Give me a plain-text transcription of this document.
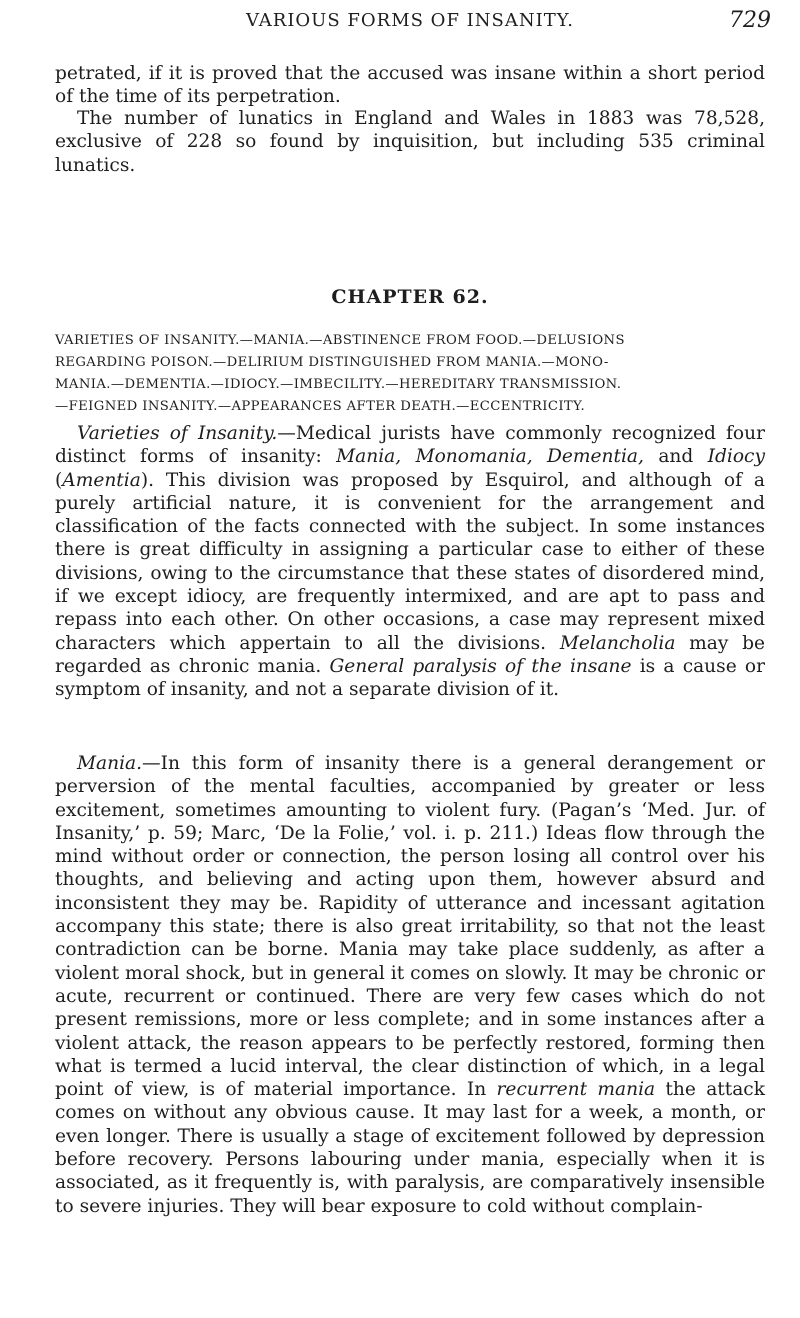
VARIOUS FORMS OF INSANITY.	729

petrated, if it is proved that the accused was insane within a short period of the time of its perpetration.

The number of lunatics in England and Wales in 1883 was 78,528, exclusive of 228 so found by inquisition, but including 535 criminal lunatics.

CHAPTER 62.

VARIETIES OF INSANITY.—MANIA.—ABSTINENCE FROM FOOD.—DELUSIONS
REGARDING POISON.—DELIRIUM DISTINGUISHED FROM MANIA.—MONO-
MANIA.—DEMENTIA.—IDIOCY.—IMBECILITY.—HEREDITARY TRANSMISSION.
—FEIGNED INSANITY.—APPEARANCES AFTER DEATH.—ECCENTRICITY.

Varieties of Insanity.—Medical jurists have commonly recognized four distinct forms of insanity: Mania, Monomania, Dementia, and Idiocy (Amentia). This division was proposed by Esquirol, and although of a purely artificial nature, it is convenient for the arrangement and classification of the facts connected with the subject. In some instances there is great difficulty in assigning a particular case to either of these divisions, owing to the circumstance that these states of disordered mind, if we except idiocy, are frequently intermixed, and are apt to pass and repass into each other. On other occasions, a case may represent mixed characters which appertain to all the divisions. Melancholia may be regarded as chronic mania. General paralysis of the insane is a cause or symptom of insanity, and not a separate division of it.

Mania.—In this form of insanity there is a general derangement or perversion of the mental faculties, accompanied by greater or less excitement, sometimes amounting to violent fury. (Pagan’s ‘Med. Jur. of Insanity,’ p. 59; Marc, ‘De la Folie,’ vol. i. p. 211.) Ideas flow through the mind without order or connection, the person losing all control over his thoughts, and believing and acting upon them, however absurd and inconsistent they may be. Rapidity of utterance and incessant agitation accompany this state; there is also great irritability, so that not the least contradiction can be borne. Mania may take place suddenly, as after a violent moral shock, but in general it comes on slowly. It may be chronic or acute, recurrent or continued. There are very few cases which do not present remissions, more or less complete; and in some instances after a violent attack, the reason appears to be perfectly restored, forming then what is termed a lucid interval, the clear distinction of which, in a legal point of view, is of material importance. In recurrent mania the attack comes on without any obvious cause. It may last for a week, a month, or even longer. There is usually a stage of excitement followed by depression before recovery. Persons labouring under mania, especially when it is associated, as it frequently is, with paralysis, are comparatively insensible to severe injuries. They will bear exposure to cold without complain-
